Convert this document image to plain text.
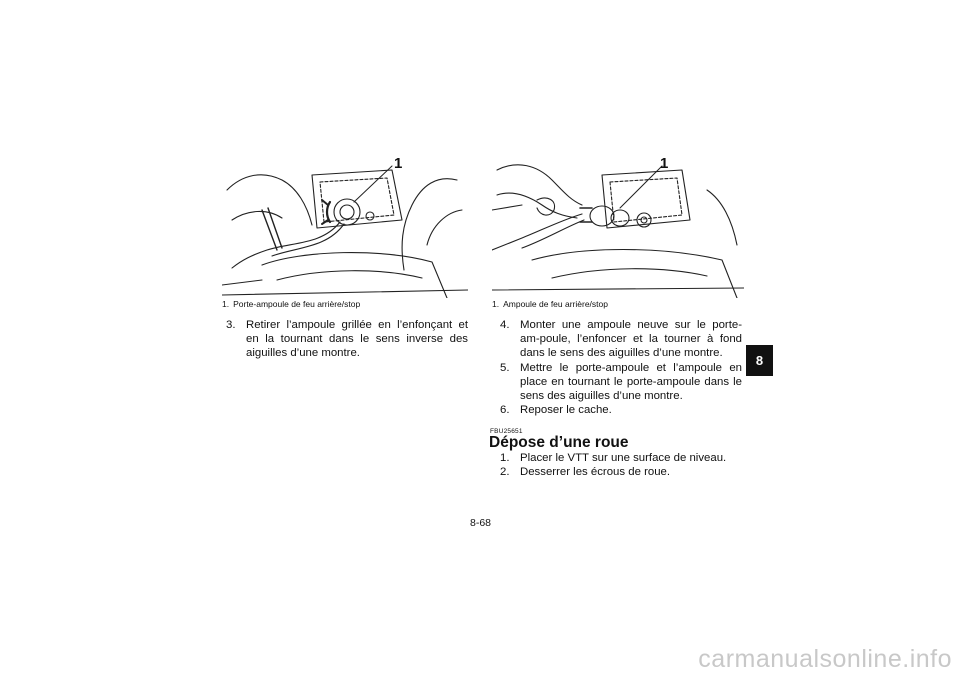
1
1. Porte-ampoule de feu arrière/stop
1
1. Ampoule de feu arrière/stop
3. Retirer l’ampoule grillée en l’enfonçant et en la tournant dans le sens inverse des aiguilles d’une montre.
4. Monter une ampoule neuve sur le porte-am-poule, l’enfoncer et la tourner à fond dans le sens des aiguilles d’une montre.
5. Mettre le porte-ampoule et l’ampoule en place en tournant le porte-ampoule dans le sens des aiguilles d’une montre.
6. Reposer le cache.
FBU25651
Dépose d’une roue
1. Placer le VTT sur une surface de niveau.
2. Desserrer les écrous de roue.
8
8-68
carmanualsonline.info
